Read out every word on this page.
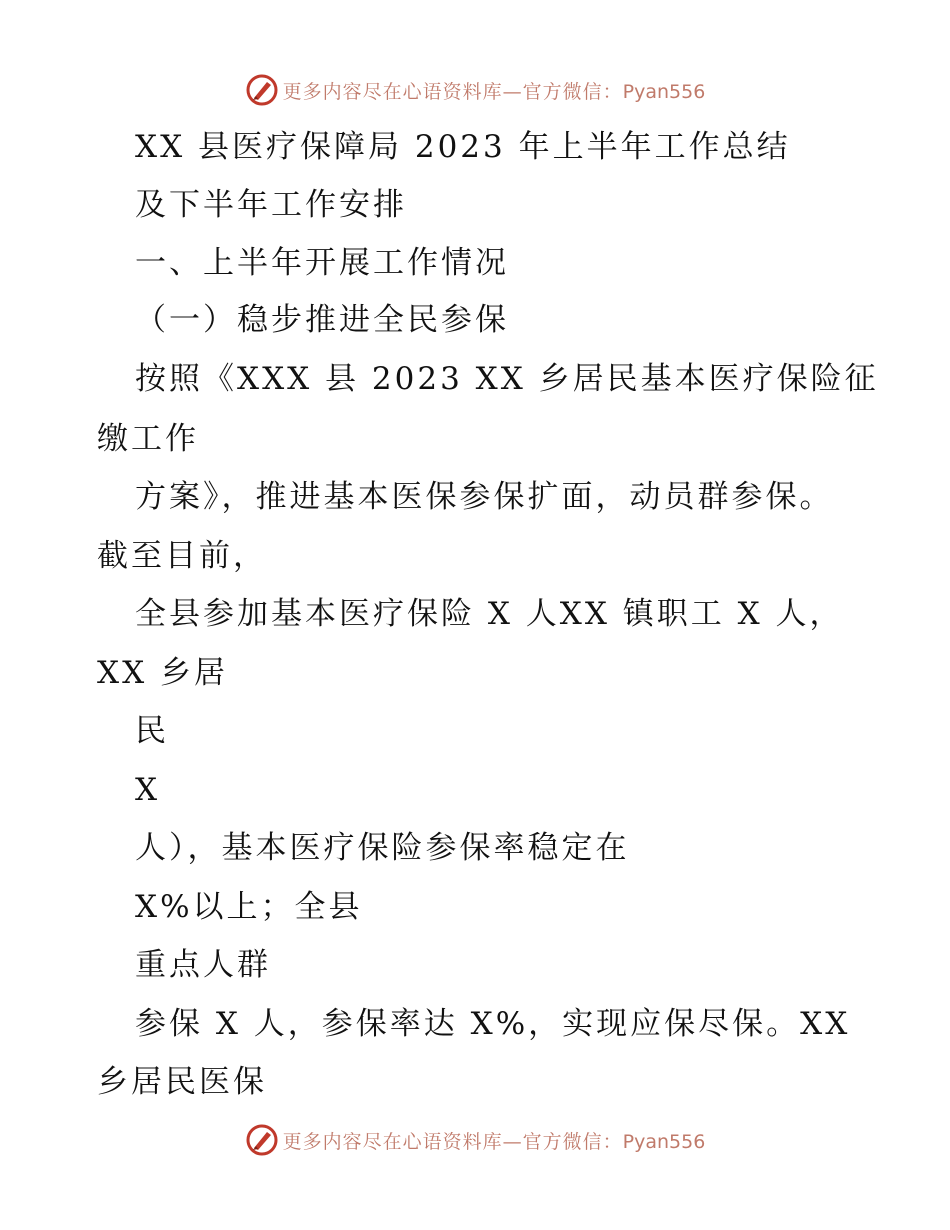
更多内容尽在心语资料库—官方微信：Pyan556
XX 县医疗保障局 2023 年上半年工作总结
及下半年工作安排
一、上半年开展工作情况
（一）稳步推进全民参保
按照《XXX 县 2023 XX 乡居民基本医疗保险征
缴工作
方案》，推进基本医保参保扩面，动员群参保。
截至目前，
全县参加基本医疗保险 X 人XX 镇职工 X 人，
XX 乡居
民
X
人），基本医疗保险参保率稳定在
X%以上；全县
重点人群
参保 X 人，参保率达 X%，实现应保尽保。XX
乡居民医保
更多内容尽在心语资料库—官方微信：Pyan556
